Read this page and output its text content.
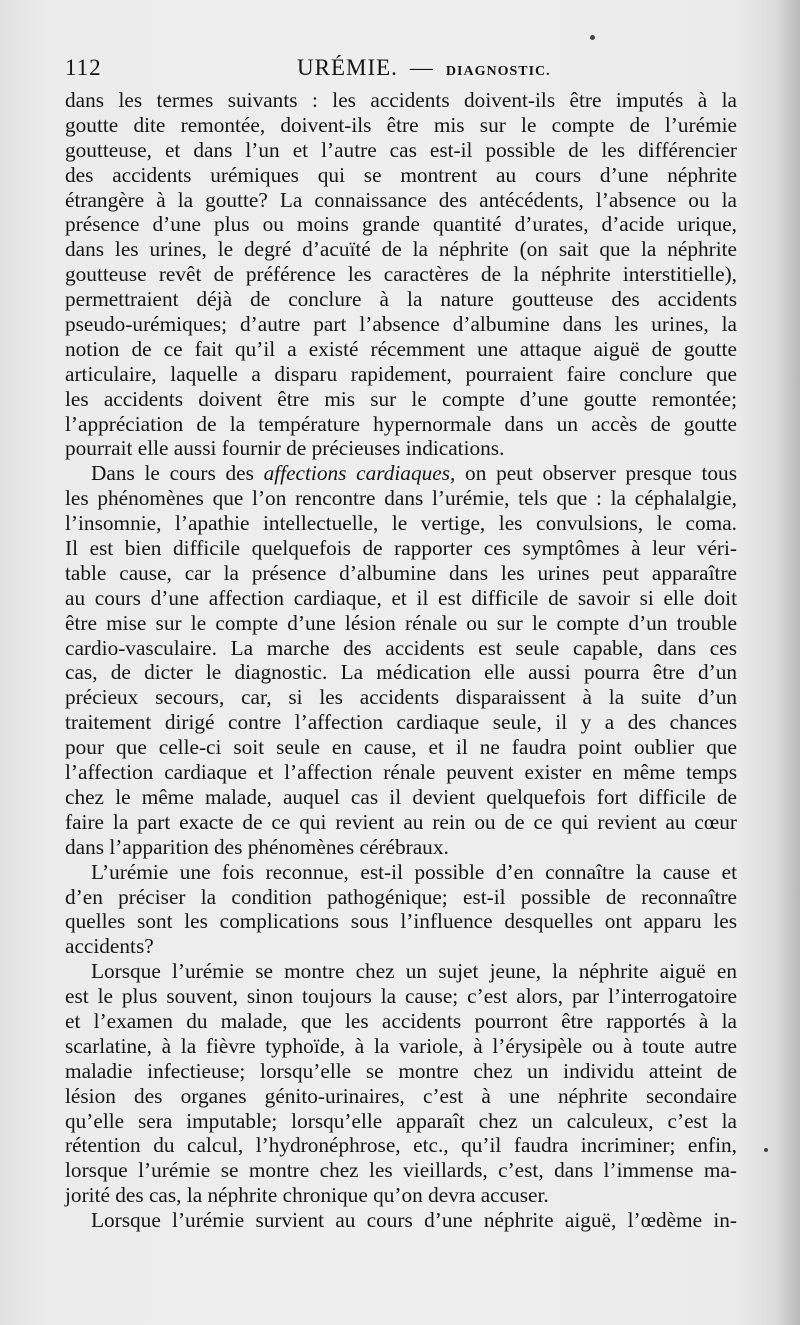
112	URÉMIE. — DIAGNOSTIC.
dans les termes suivants : les accidents doivent-ils être imputés à la
goutte dite remontée, doivent-ils être mis sur le compte de l’urémie
goutteuse, et dans l’un et l’autre cas est-il possible de les différencier
des accidents urémiques qui se montrent au cours d’une néphrite
étrangère à la goutte? La connaissance des antécédents, l’absence ou la
présence d’une plus ou moins grande quantité d’urates, d’acide urique,
dans les urines, le degré d’acuïté de la néphrite (on sait que la néphrite
goutteuse revêt de préférence les caractères de la néphrite interstitielle),
permettraient déjà de conclure à la nature goutteuse des accidents
pseudo-urémiques; d’autre part l’absence d’albumine dans les urines, la
notion de ce fait qu’il a existé récemment une attaque aiguë de goutte
articulaire, laquelle a disparu rapidement, pourraient faire conclure que
les accidents doivent être mis sur le compte d’une goutte remontée;
l’appréciation de la température hypernormale dans un accès de goutte
pourrait elle aussi fournir de précieuses indications.
Dans le cours des affections cardiaques, on peut observer presque tous
les phénomènes que l’on rencontre dans l’urémie, tels que : la céphalalgie,
l’insomnie, l’apathie intellectuelle, le vertige, les convulsions, le coma.
Il est bien difficile quelquefois de rapporter ces symptômes à leur véri-
table cause, car la présence d’albumine dans les urines peut apparaître
au cours d’une affection cardiaque, et il est difficile de savoir si elle doit
être mise sur le compte d’une lésion rénale ou sur le compte d’un trouble
cardio-vasculaire. La marche des accidents est seule capable, dans ces
cas, de dicter le diagnostic. La médication elle aussi pourra être d’un
précieux secours, car, si les accidents disparaissent à la suite d’un
traitement dirigé contre l’affection cardiaque seule, il y a des chances
pour que celle-ci soit seule en cause, et il ne faudra point oublier que
l’affection cardiaque et l’affection rénale peuvent exister en même temps
chez le même malade, auquel cas il devient quelquefois fort difficile de
faire la part exacte de ce qui revient au rein ou de ce qui revient au cœur
dans l’apparition des phénomènes cérébraux.
L’urémie une fois reconnue, est-il possible d’en connaître la cause et
d’en préciser la condition pathogénique; est-il possible de reconnaître
quelles sont les complications sous l’influence desquelles ont apparu les
accidents?
Lorsque l’urémie se montre chez un sujet jeune, la néphrite aiguë en
est le plus souvent, sinon toujours la cause; c’est alors, par l’interrogatoire
et l’examen du malade, que les accidents pourront être rapportés à la
scarlatine, à la fièvre typhoïde, à la variole, à l’érysipèle ou à toute autre
maladie infectieuse; lorsqu’elle se montre chez un individu atteint de
lésion des organes génito-urinaires, c’est à une néphrite secondaire
qu’elle sera imputable; lorsqu’elle apparaît chez un calculeux, c’est la
rétention du calcul, l’hydronéphrose, etc., qu’il faudra incriminer; enfin,
lorsque l’urémie se montre chez les vieillards, c’est, dans l’immense ma-
jorité des cas, la néphrite chronique qu’on devra accuser.
Lorsque l’urémie survient au cours d’une néphrite aiguë, l’œdème in-
